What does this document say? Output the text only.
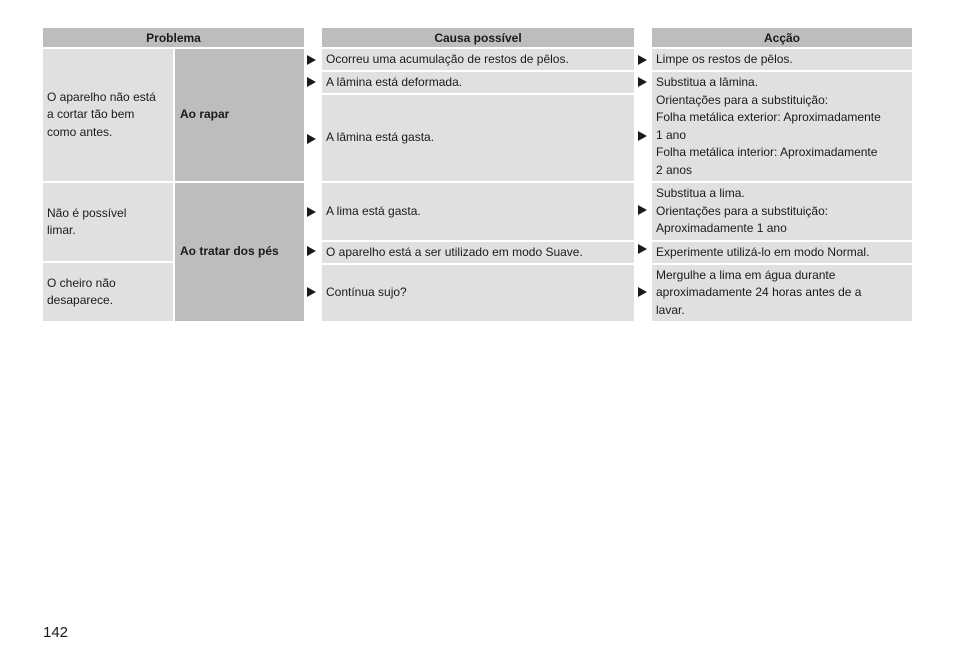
Problema	Causa possível	Acção
O aparelho não está
a cortar tão bem
como antes.
Não é possível
limar.
O cheiro não
desaparece.
Ao rapar
Ao tratar dos pés
Ocorreu uma acumulação de restos de pêlos.
A lâmina está deformada.
A lâmina está gasta.
A lima está gasta.
O aparelho está a ser utilizado em modo Suave.
Contínua sujo?
Limpe os restos de pêlos.
Substitua a lâmina.
Orientações para a substituição:
Folha metálica exterior: Aproximadamente
1 ano
Folha metálica interior: Aproximadamente
2 anos
Substitua a lima.
Orientações para a substituição:
Aproximadamente 1 ano
Experimente utilizá-lo em modo Normal.
Mergulhe a lima em água durante
aproximadamente 24 horas antes de a
lavar.
142
